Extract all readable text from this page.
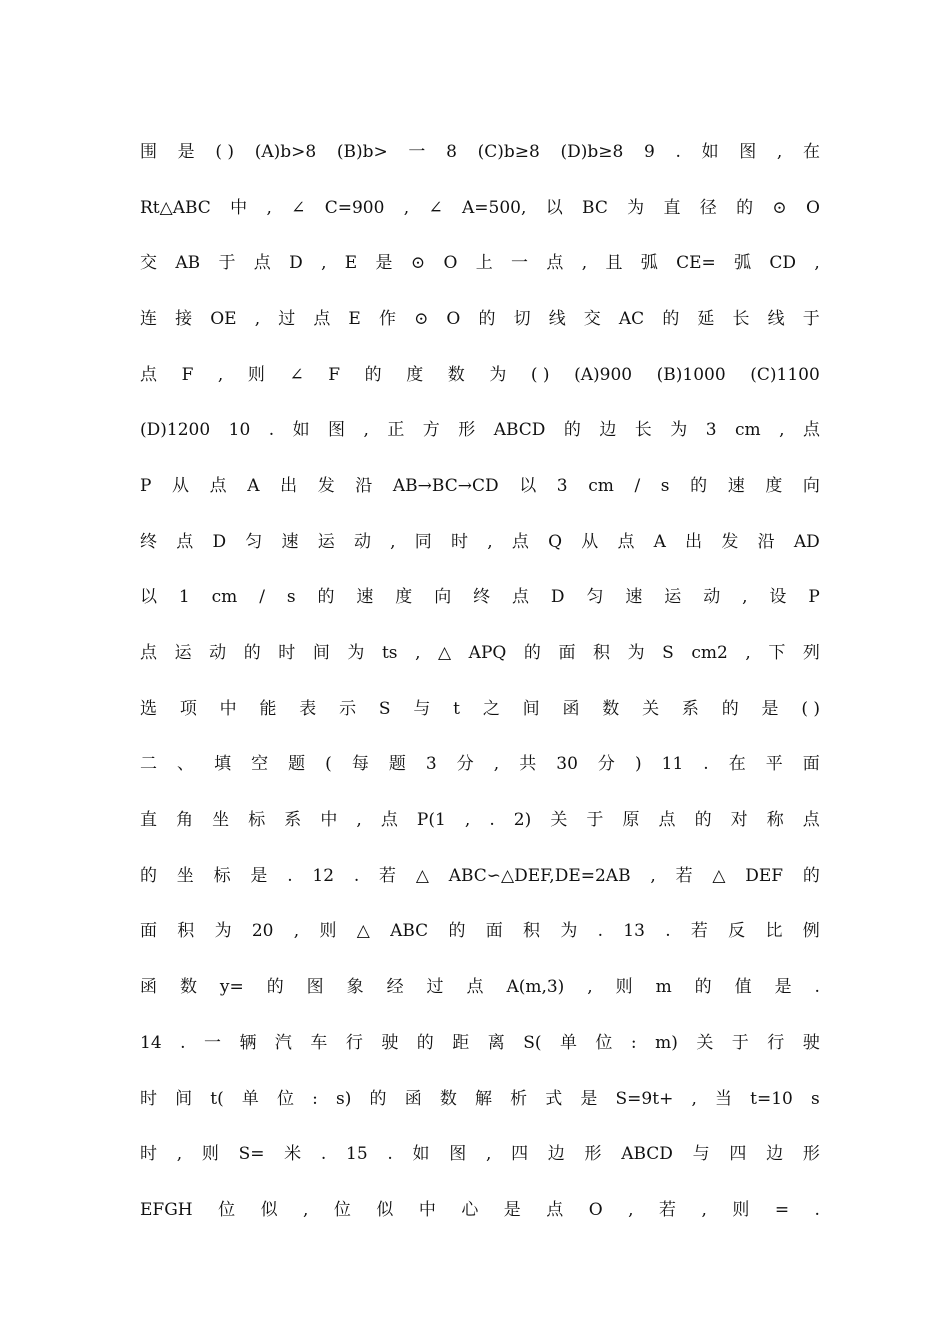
围 是 ( ) (A)b>8 (B)b> 一 8 (C)b≥8 (D)b≥8 9 . 如 图 , 在
Rt△ABC 中 , ∠ C=900 , ∠ A=500, 以 BC 为 直 径 的 ⊙ O
交 AB 于 点 D , E 是 ⊙ O 上 一 点 , 且 弧 CE= 弧 CD ,
连 接 OE , 过 点 E 作 ⊙ O 的 切 线 交 AC 的 延 长 线 于
点 F , 则 ∠ F 的 度 数 为 ( ) (A)900 (B)1000 (C)1100
(D)1200 10 . 如 图 , 正 方 形 ABCD 的 边 长 为 3 cm , 点
P 从 点 A 出 发 沿 AB→BC→CD 以 3 cm / s 的 速 度 向
终 点 D 匀 速 运 动 , 同 时 , 点 Q 从 点 A 出 发 沿 AD
以 1 cm / s 的 速 度 向 终 点 D 匀 速 运 动 , 设 P
点 运 动 的 时 间 为 ts , △ APQ 的 面 积 为 S cm2 , 下 列
选 项 中 能 表 示 S 与 t 之 间 函 数 关 系 的 是 ( )
二 、 填 空 题 ( 每 题 3 分 , 共 30 分 ) 11 . 在 平 面
直 角 坐 标 系 中 , 点 P(1 , . 2) 关 于 原 点 的 对 称 点
的 坐 标 是 . 12 . 若 △ ABC∽△DEF,DE=2AB , 若 △ DEF 的
面 积 为 20 , 则 △ ABC 的 面 积 为 . 13 . 若 反 比 例
函 数 y= 的 图 象 经 过 点 A(m,3) , 则 m 的 值 是 .
14 . 一 辆 汽 车 行 驶 的 距 离 S( 单 位 : m) 关 于 行 驶
时 间 t( 单 位 : s) 的 函 数 解 析 式 是 S=9t+ , 当 t=10 s
时 , 则 S= 米 . 15 . 如 图 , 四 边 形 ABCD 与 四 边 形
EFGH 位 似 , 位 似 中 心 是 点 O , 若 , 则 = .
